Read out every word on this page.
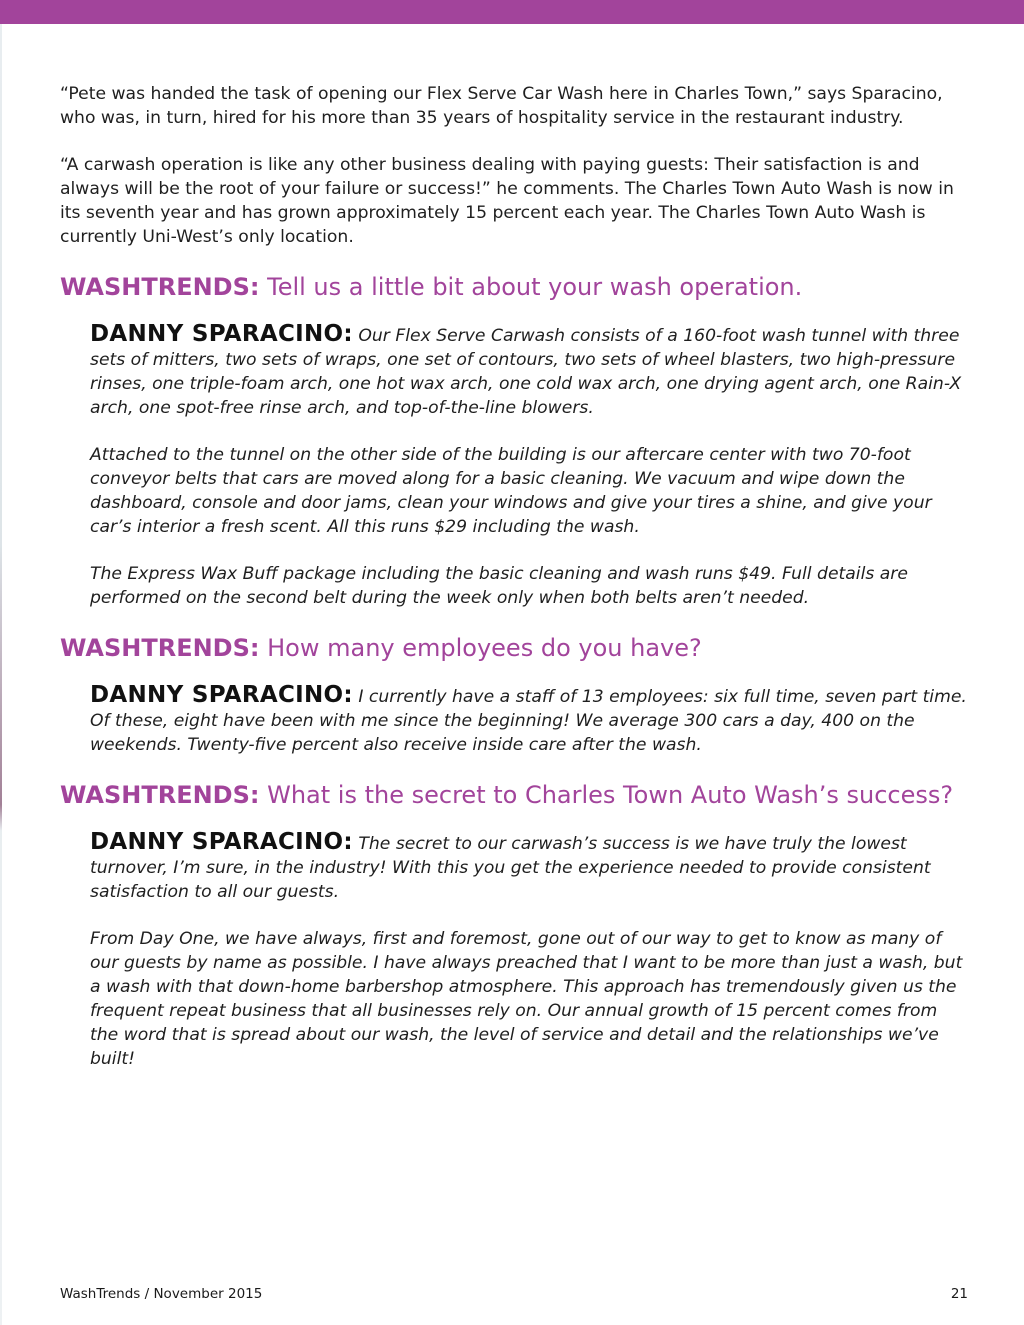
“Pete was handed the task of opening our Flex Serve Car Wash here in Charles Town,” says Sparacino, who was, in turn, hired for his more than 35 years of hospitality service in the restaurant industry.

“A carwash operation is like any other business dealing with paying guests: Their satisfaction is and always will be the root of your failure or success!” he comments. The Charles Town Auto Wash is now in its seventh year and has grown approximately 15 percent each year. The Charles Town Auto Wash is currently Uni-West’s only location.

WASHTRENDS: Tell us a little bit about your wash operation.

DANNY SPARACINO: Our Flex Serve Carwash consists of a 160-foot wash tunnel with three sets of mitters, two sets of wraps, one set of contours, two sets of wheel blasters, two high-pressure rinses, one triple-foam arch, one hot wax arch, one cold wax arch, one drying agent arch, one Rain-X arch, one spot-free rinse arch, and top-of-the-line blowers.

Attached to the tunnel on the other side of the building is our aftercare center with two 70-foot conveyor belts that cars are moved along for a basic cleaning. We vacuum and wipe down the dashboard, console and door jams, clean your windows and give your tires a shine, and give your car’s interior a fresh scent. All this runs $29 including the wash.

The Express Wax Buff package including the basic cleaning and wash runs $49. Full details are performed on the second belt during the week only when both belts aren’t needed.

WASHTRENDS: How many employees do you have?

DANNY SPARACINO: I currently have a staff of 13 employees: six full time, seven part time. Of these, eight have been with me since the beginning! We average 300 cars a day, 400 on the weekends. Twenty-five percent also receive inside care after the wash.

WASHTRENDS: What is the secret to Charles Town Auto Wash’s success?

DANNY SPARACINO: The secret to our carwash’s success is we have truly the lowest turnover, I’m sure, in the industry! With this you get the experience needed to provide consistent satisfaction to all our guests.

From Day One, we have always, first and foremost, gone out of our way to get to know as many of our guests by name as possible. I have always preached that I want to be more than just a wash, but a wash with that down-home barbershop atmosphere. This approach has tremendously given us the frequent repeat business that all businesses rely on. Our annual growth of 15 percent comes from the word that is spread about our wash, the level of service and detail and the relationships we’ve built!

WashTrends / November 2015	21
